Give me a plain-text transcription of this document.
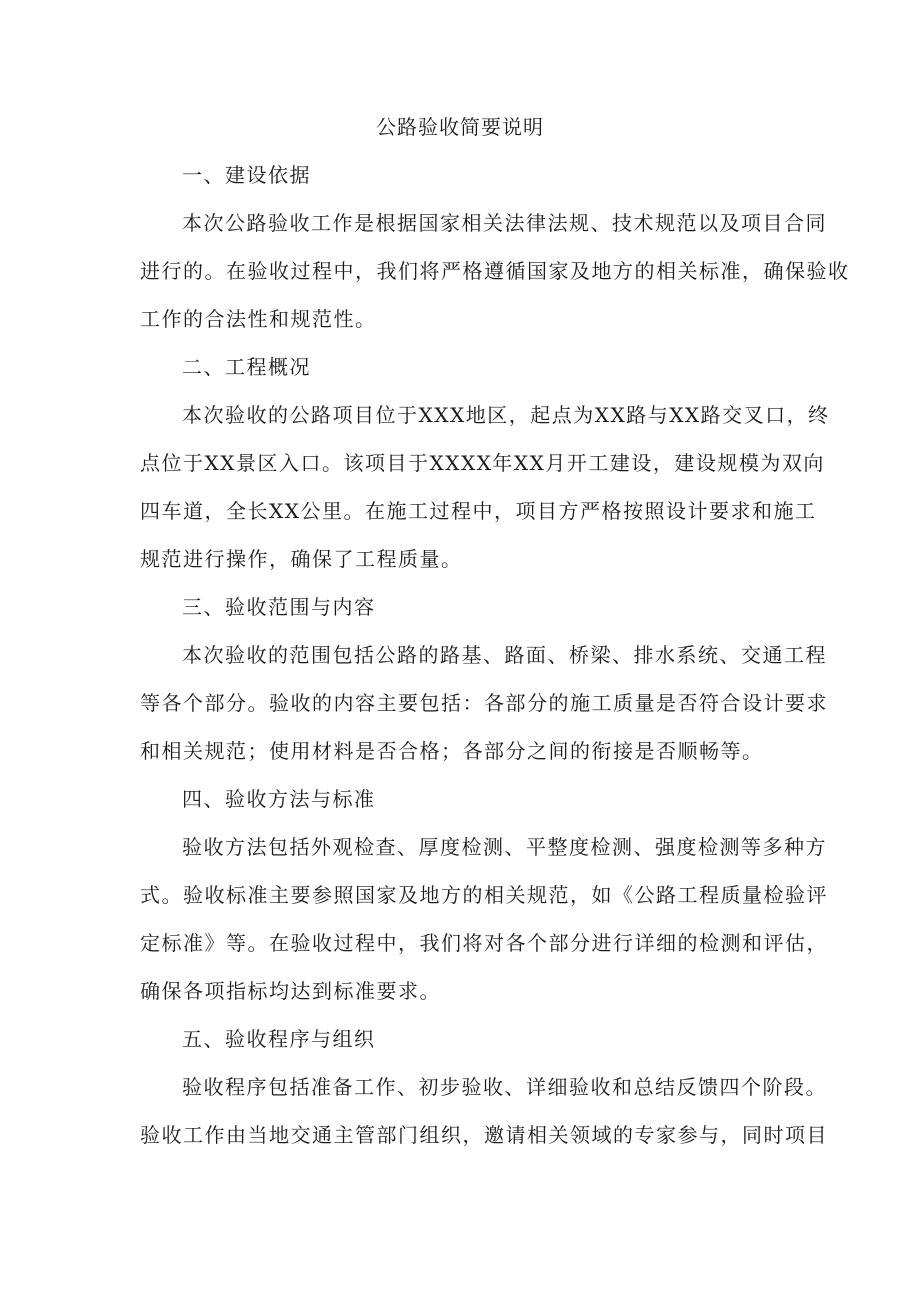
公路验收简要说明
一、建设依据
本次公路验收工作是根据国家相关法律法规、技术规范以及项目合同
进行的。在验收过程中，我们将严格遵循国家及地方的相关标准，确保验收
工作的合法性和规范性。
二、工程概况
本次验收的公路项目位于XXX地区，起点为XX路与XX路交叉口，终
点位于XX景区入口。该项目于XXXX年XX月开工建设，建设规模为双向
四车道，全长XX公里。在施工过程中，项目方严格按照设计要求和施工
规范进行操作，确保了工程质量。
三、验收范围与内容
本次验收的范围包括公路的路基、路面、桥梁、排水系统、交通工程
等各个部分。验收的内容主要包括：各部分的施工质量是否符合设计要求
和相关规范；使用材料是否合格；各部分之间的衔接是否顺畅等。
四、验收方法与标准
验收方法包括外观检查、厚度检测、平整度检测、强度检测等多种方
式。验收标准主要参照国家及地方的相关规范，如《公路工程质量检验评
定标准》等。在验收过程中，我们将对各个部分进行详细的检测和评估，
确保各项指标均达到标准要求。
五、验收程序与组织
验收程序包括准备工作、初步验收、详细验收和总结反馈四个阶段。
验收工作由当地交通主管部门组织，邀请相关领域的专家参与，同时项目
